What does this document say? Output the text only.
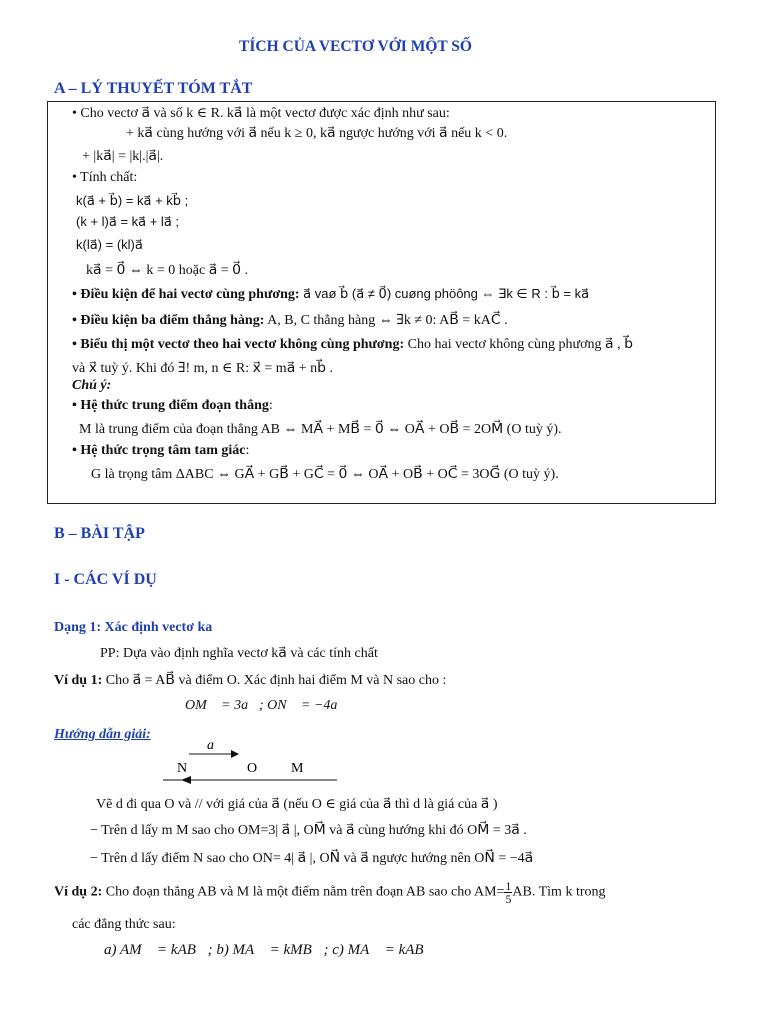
TÍCH CỦA VECTƠ VỚI MỘT SỐ
A – LÝ THUYẾT TÓM TẮT
• Cho vectơ a⃗ và số k ∈ R. ka⃗ là một vectơ được xác định như sau:
+ ka⃗ cùng hướng với a⃗ nếu k ≥ 0, ka⃗ ngược hướng với a⃗ nếu k < 0.
+ |ka⃗| = |k|.|a⃗|.
• Tính chất:
k(a⃗ + b⃗) = ka⃗ + kb⃗ ;
(k + l)a⃗ = ka⃗ + la⃗ ;
k(la⃗) = (kl)a⃗
ka⃗ = 0⃗ ⇔ k = 0 hoặc a⃗ = 0⃗ .
• Điều kiện để hai vectơ cùng phương: a⃗ vaø b⃗ (a⃗ ≠ 0⃗) cuøng phöông ⇔ ∃k ∈ R : b⃗ = ka⃗
• Điều kiện ba điểm thẳng hàng: A, B, C thẳng hàng ⇔ ∃k ≠ 0: AB⃗ = kAC⃗ .
• Biểu thị một vectơ theo hai vectơ không cùng phương: Cho hai vectơ không cùng phương a⃗ , b⃗
và x⃗ tuỳ ý. Khi đó ∃! m, n ∈ R: x⃗ = ma⃗ + nb⃗ .
Chú ý:
• Hệ thức trung điểm đoạn thẳng:
M là trung điểm của đoạn thẳng AB ⇔ MA⃗ + MB⃗ = 0⃗ ⇔ OA⃗ + OB⃗ = 2OM⃗ (O tuỳ ý).
• Hệ thức trọng tâm tam giác:
G là trọng tâm ΔABC ⇔ GA⃗ + GB⃗ + GC⃗ = 0⃗ ⇔ OA⃗ + OB⃗ + OC⃗ = 3OG⃗ (O tuỳ ý).
B – BÀI TẬP
I - CÁC VÍ DỤ
Dạng 1: Xác định vectơ ka⃗
PP: Dựa vào định nghĩa vectơ ka⃗ và các tính chất
Ví dụ 1: Cho a⃗ = AB⃗ và điểm O. Xác định hai điểm M và N sao cho :
OM⃗ = 3a⃗; ON⃗ = −4a⃗
Hướng dẫn giải:
a⃗
N	O M
Vẽ d đi qua O và // với giá của a⃗ (nếu O ∈ giá của a⃗ thì d là giá của a⃗ )
− Trên d lấy m M sao cho OM=3| a⃗ |, OM⃗ và a⃗ cùng hướng khi đó OM⃗ = 3a⃗ .
− Trên d lấy điểm N sao cho ON= 4| a⃗ |, ON⃗ và a⃗ ngược hướng nên ON⃗ = −4a⃗
Ví dụ 2: Cho đoạn thẳng AB và M là một điểm nằm trên đoạn AB sao cho $AM= \frac{1}{5}$ AB. Tìm k trong
các đẳng thức sau:
a) AM⃗ = kAB⃗; b) MA⃗ = kMB⃗; c) MA⃗ = kAB⃗
